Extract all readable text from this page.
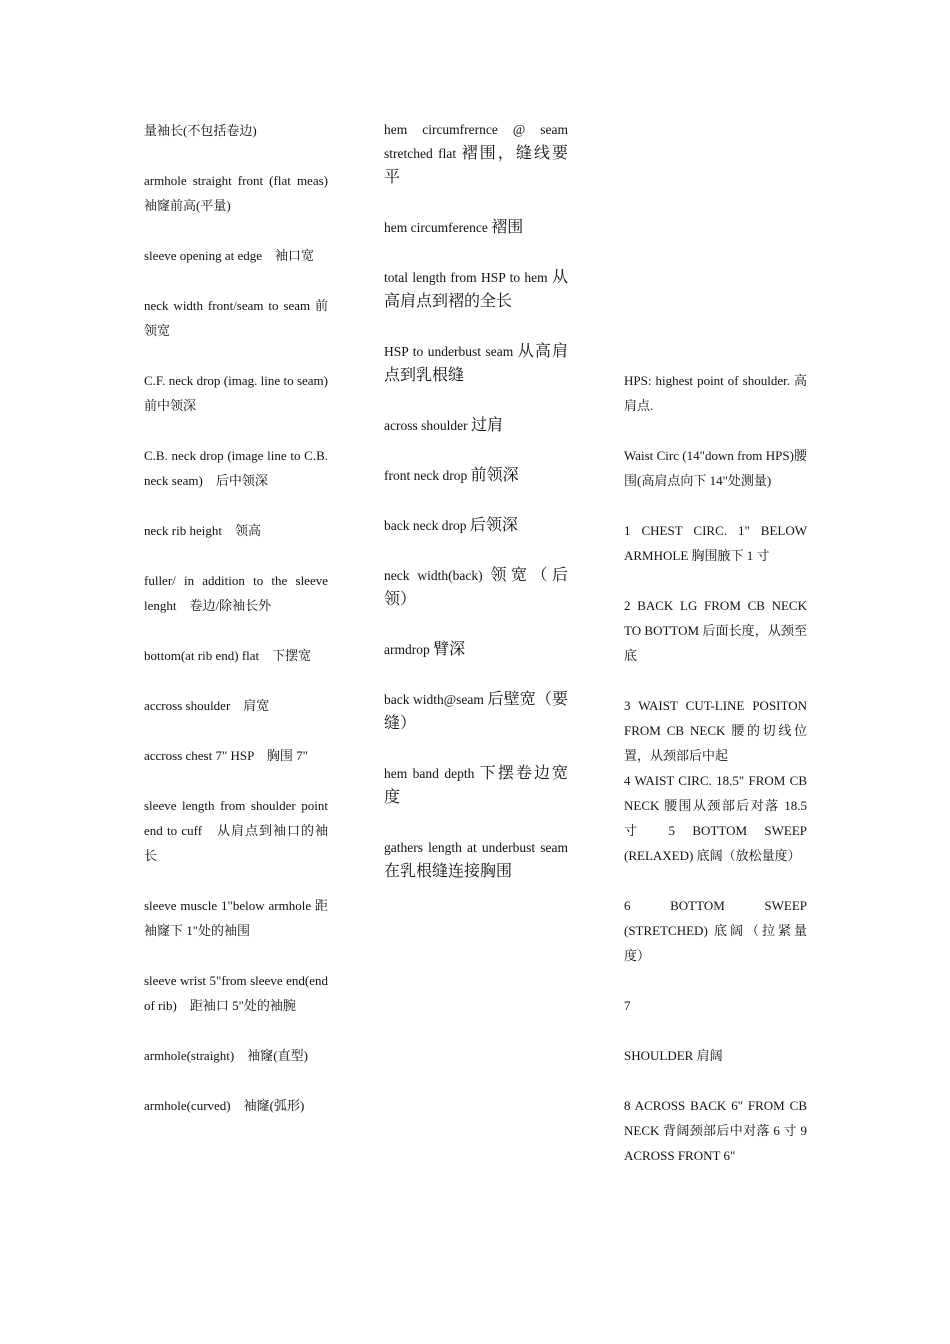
量袖长(不包括卷边)

armhole straight front (flat meas)　袖窿前高(平量)

sleeve opening at edge　袖口宽

neck width front/seam to seam 前领宽

C.F. neck drop (imag. line to seam)　前中领深

C.B. neck drop (image line to C.B. neck seam)　后中领深

neck rib height　领高

fuller/ in addition to the sleeve lenght　卷边/除袖长外

bottom(at rib end) flat　下摆宽

accross shoulder　肩宽

accross chest 7" HSP　胸围 7"

sleeve length from shoulder point end to cuff　从肩点到袖口的袖长

sleeve muscle 1"below armhole 距袖窿下 1"处的袖围

sleeve wrist 5"from sleeve end(end of rib)　距袖口 5"处的袖腕

armhole(straight)　袖窿(直型)

armhole(curved)　袖窿(弧形)

hem circumfrernce @ seam stretched flat 褶围，缝线要平

hem circumference 褶围

total length from HSP to hem 从高肩点到褶的全长

HSP to underbust seam 从高肩点到乳根缝

across shoulder 过肩

front neck drop 前领深

back neck drop 后领深

neck width(back) 领宽（后领）

armdrop 臂深

back width@seam 后壁宽（要缝）

hem band depth 下摆卷边宽度

gathers length at underbust seam 在乳根缝连接胸围

HPS: highest point of shoulder. 高肩点.

Waist Circ (14"down from HPS)腰围(高肩点向下 14"处测量)

1 CHEST CIRC. 1" BELOW ARMHOLE 胸围腋下 1 寸

2 BACK LG FROM CB NECK TO BOTTOM 后面长度，从颈至底

3 WAIST CUT-LINE POSITON FROM CB NECK 腰的切线位置，从颈部后中起

4 WAIST CIRC. 18.5" FROM CB NECK 腰围从颈部后对落 18.5 寸 5 BOTTOM SWEEP (RELAXED) 底阔（放松量度）

6 BOTTOM SWEEP (STRETCHED) 底阔（拉紧量度）

7

SHOULDER 肩阔

8 ACROSS BACK 6" FROM CB NECK 背阔颈部后中对落 6 寸 9 ACROSS FRONT 6"
